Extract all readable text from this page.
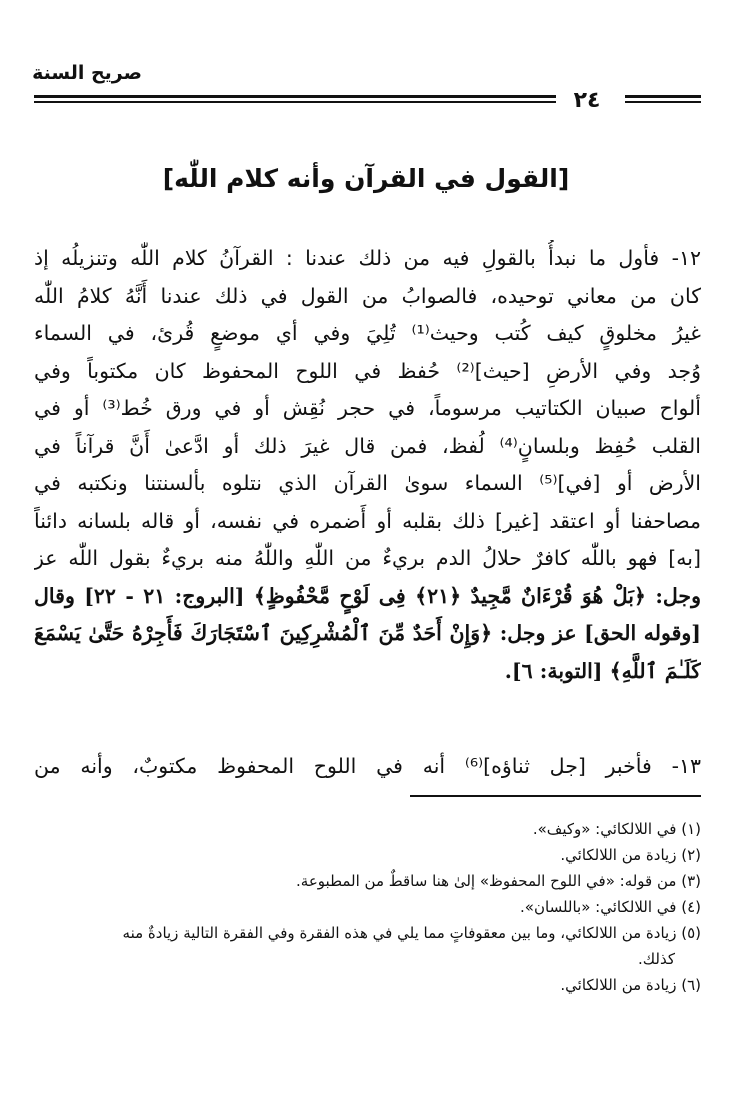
صريح السنة
٢٤
[القول في القرآن وأنه كلام اللّٰه]
١٢- فأول ما نبدأُ بالقولِ فيه من ذلك عندنا : القرآنُ كلام اللّٰه وتنزيلُه إذ
كان من معاني توحيده، فالصوابُ من القول في ذلك عندنا أَنَّهُ كلامُ اللّٰه
غيرُ مخلوقٍ كيف كُتب وحيث⁽¹⁾ تُلِيَ وفي أي موضعٍ قُرئ، في السماء
وُجد وفي الأرضِ [حيث]⁽²⁾ حُفظ في اللوح المحفوظ كان مكتوباً وفي
ألواح صبيان الكتاتيب مرسوماً، في حجر نُقِش أو في ورق خُط⁽³⁾ أو في
القلب حُفِظ وبلسانٍ⁽⁴⁾ لُفظ، فمن قال غيرَ ذلك أو ادَّعىٰ أَنَّ قرآناً في
الأرض أو [في]⁽⁵⁾ السماء سوىٰ القرآن الذي نتلوه بألسنتنا ونكتبه في
مصاحفنا أو اعتقد [غير] ذلك بقلبه أو أَضمره في نفسه، أو قاله بلسانه دائناً
[به] فهو باللّٰه كافرٌ حلالُ الدم بريءٌ من اللّٰهِ واللّٰهُ منه بريءٌ بقول اللّٰه عز
وجل: ﴿بَلْ هُوَ قُرْءَانٌ مَّجِيدٌ ﴿٢١﴾ فِى لَوْحٍ مَّحْفُوظٍ﴾ [البروج: ٢١ - ٢٢] وقال
[وقوله الحق] عز وجل: ﴿وَإِنْ أَحَدٌ مِّنَ ٱلْمُشْرِكِينَ ٱسْتَجَارَكَ فَأَجِرْهُ حَتَّىٰ يَسْمَعَ
كَلَـٰمَ ٱللَّهِ﴾ [التوبة: ٦].
١٣- فأخبر [جل ثناؤه]⁽⁶⁾ أنه في اللوح المحفوظ مكتوبٌ، وأنه من
(١) في اللالكائي: «وكيف».
(٢) زيادة من اللالكائي.
(٣) من قوله: «في اللوح المحفوظ» إلىٰ هنا ساقطٌ من المطبوعة.
(٤) في اللالكائي: «باللسان».
(٥) زيادة من اللالكائي، وما بين معقوفاتٍ مما يلي في هذه الفقرة وفي الفقرة التالية زيادةٌ منه
كذلك.
(٦) زيادة من اللالكائي.
